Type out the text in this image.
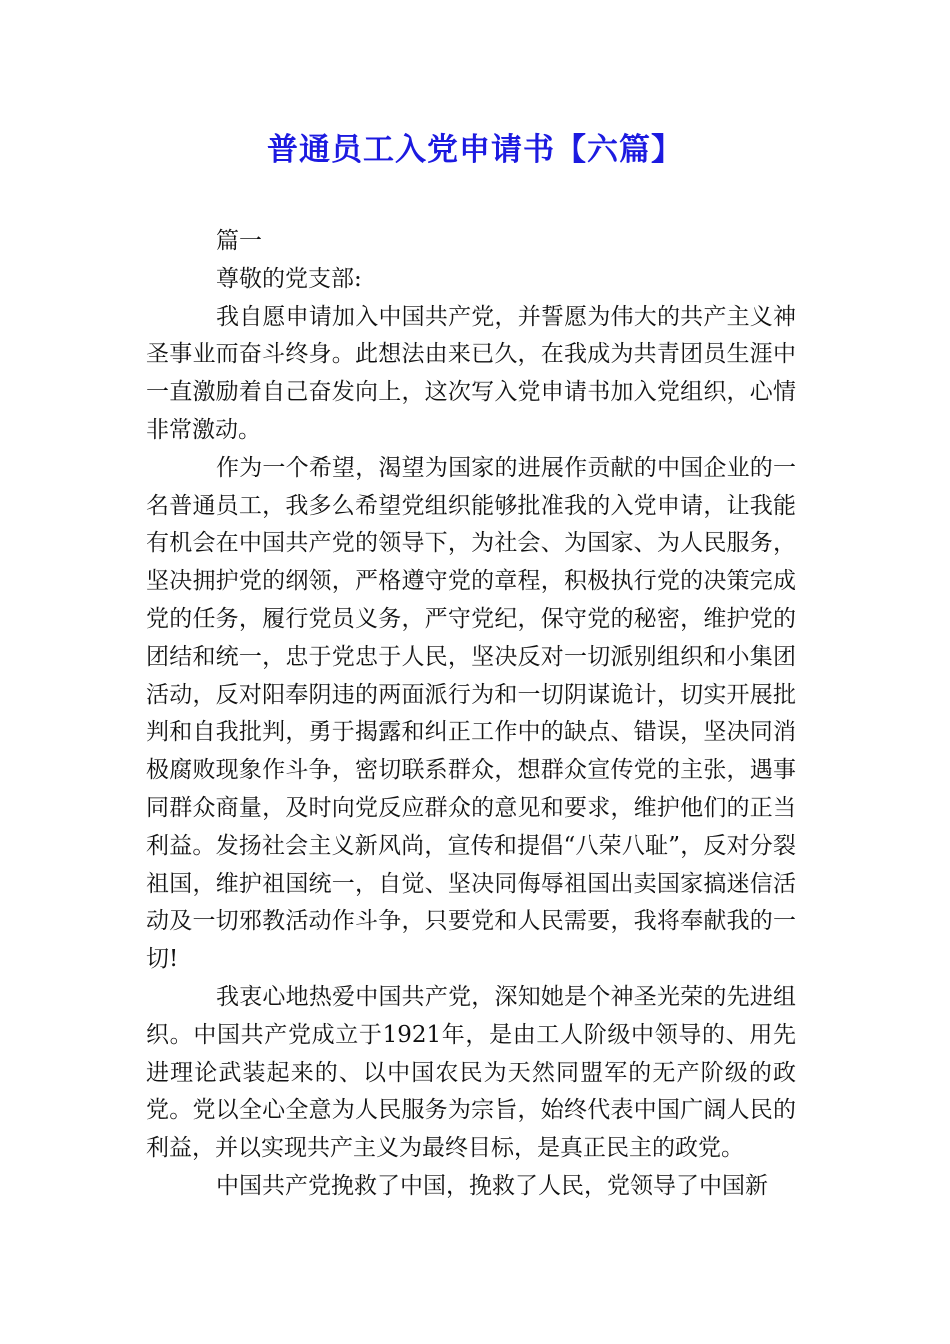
普通员工入党申请书【六篇】

篇一

尊敬的党支部:

我自愿申请加入中国共产党，并誓愿为伟大的共产主义神圣事业而奋斗终身。此想法由来已久，在我成为共青团员生涯中一直激励着自己奋发向上，这次写入党申请书加入党组织，心情非常激动。

作为一个希望，渴望为国家的进展作贡献的中国企业的一名普通员工，我多么希望党组织能够批准我的入党申请，让我能有机会在中国共产党的领导下，为社会、为国家、为人民服务，坚决拥护党的纲领，严格遵守党的章程，积极执行党的决策完成党的任务，履行党员义务，严守党纪，保守党的秘密，维护党的团结和统一，忠于党忠于人民，坚决反对一切派别组织和小集团活动，反对阳奉阴违的两面派行为和一切阴谋诡计，切实开展批判和自我批判，勇于揭露和纠正工作中的缺点、错误，坚决同消极腐败现象作斗争，密切联系群众，想群众宣传党的主张，遇事同群众商量，及时向党反应群众的意见和要求，维护他们的正当利益。发扬社会主义新风尚，宣传和提倡“八荣八耻”，反对分裂祖国，维护祖国统一，自觉、坚决同侮辱祖国出卖国家搞迷信活动及一切邪教活动作斗争，只要党和人民需要，我将奉献我的一切!

我衷心地热爱中国共产党，深知她是个神圣光荣的先进组织。中国共产党成立于1921年，是由工人阶级中领导的、用先进理论武装起来的、以中国农民为天然同盟军的无产阶级的政党。党以全心全意为人民服务为宗旨，始终代表中国广阔人民的利益，并以实现共产主义为最终目标，是真正民主的政党。

中国共产党挽救了中国，挽救了人民，党领导了中国新
